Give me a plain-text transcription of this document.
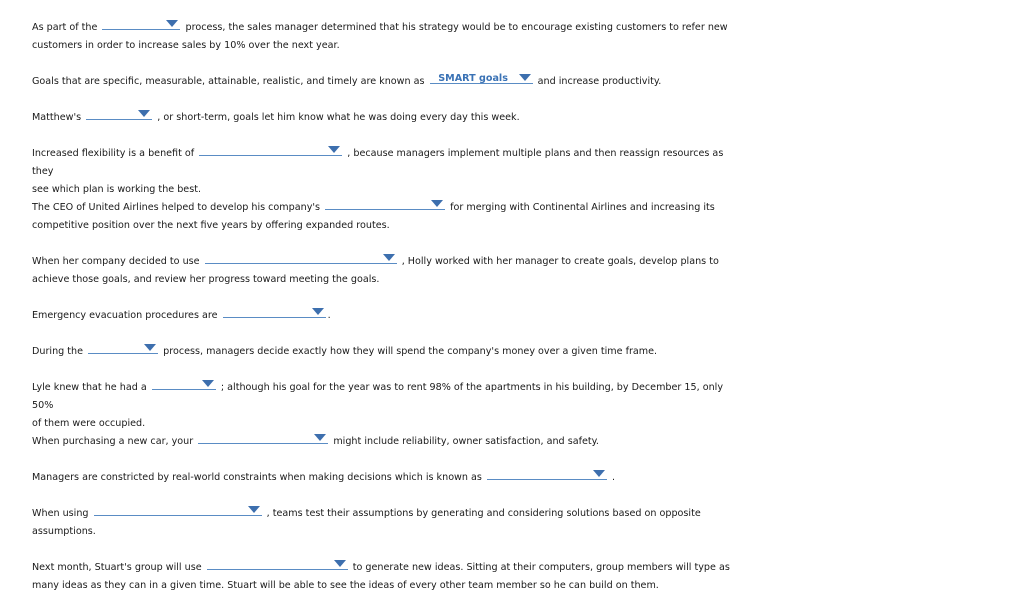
As part of the	process, the sales manager determined that his strategy would be to encourage existing customers to refer new
customers in order to increase sales by 10% over the next year.
Goals that are specific, measurable, attainable, realistic, and timely are known as	SMART goals	and increase productivity.
Matthew's	, or short-term, goals let him know what he was doing every day this week.
Increased flexibility is a benefit of	, because managers implement multiple plans and then reassign resources as they
see which plan is working the best.
The CEO of United Airlines helped to develop his company's	for merging with Continental Airlines and increasing its
competitive position over the next five years by offering expanded routes.
When her company decided to use	, Holly worked with her manager to create goals, develop plans to
achieve those goals, and review her progress toward meeting the goals.
Emergency evacuation procedures are	.
During the	process, managers decide exactly how they will spend the company's money over a given time frame.
Lyle knew that he had a	; although his goal for the year was to rent 98% of the apartments in his building, by December 15, only 50%
of them were occupied.
When purchasing a new car, your	might include reliability, owner satisfaction, and safety.
Managers are constricted by real-world constraints when making decisions which is known as	.
When using	, teams test their assumptions by generating and considering solutions based on opposite
assumptions.
Next month, Stuart's group will use	to generate new ideas. Sitting at their computers, group members will type as
many ideas as they can in a given time. Stuart will be able to see the ideas of every other team member so he can build on them.
